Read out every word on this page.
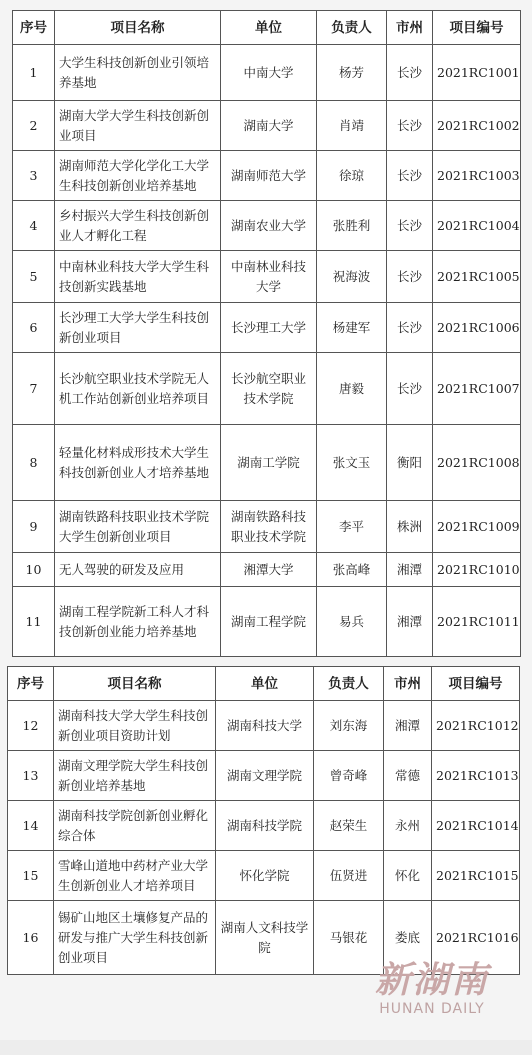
序号	项目名称	单位	负责人	市州	项目编号
1	大学生科技创新创业引领培养基地	中南大学	杨芳	长沙	2021RC1001
2	湖南大学大学生科技创新创业项目	湖南大学	肖靖	长沙	2021RC1002
3	湖南师范大学化学化工大学生科技创新创业培养基地	湖南师范大学	徐琼	长沙	2021RC1003
4	乡村振兴大学生科技创新创业人才孵化工程	湖南农业大学	张胜利	长沙	2021RC1004
5	中南林业科技大学大学生科技创新实践基地	中南林业科技大学	祝海波	长沙	2021RC1005
6	长沙理工大学大学生科技创新创业项目	长沙理工大学	杨建军	长沙	2021RC1006
7	长沙航空职业技术学院无人机工作站创新创业培养项目	长沙航空职业技术学院	唐毅	长沙	2021RC1007
8	轻量化材料成形技术大学生科技创新创业人才培养基地	湖南工学院	张文玉	衡阳	2021RC1008
9	湖南铁路科技职业技术学院大学生创新创业项目	湖南铁路科技职业技术学院	李平	株洲	2021RC1009
10	无人驾驶的研发及应用	湘潭大学	张高峰	湘潭	2021RC1010
11	湖南工程学院新工科人才科技创新创业能力培养基地	湖南工程学院	易兵	湘潭	2021RC1011
序号	项目名称	单位	负责人	市州	项目编号
12	湖南科技大学大学生科技创新创业项目资助计划	湖南科技大学	刘东海	湘潭	2021RC1012
13	湖南文理学院大学生科技创新创业培养基地	湖南文理学院	曾奇峰	常德	2021RC1013
14	湖南科技学院创新创业孵化综合体	湖南科技学院	赵荣生	永州	2021RC1014
15	雪峰山道地中药材产业大学生创新创业人才培养项目	怀化学院	伍贤进	怀化	2021RC1015
16	锡矿山地区土壤修复产品的研发与推广大学生科技创新创业项目	湖南人文科技学院	马银花	娄底	2021RC1016
新湖南
HUNAN DAILY
